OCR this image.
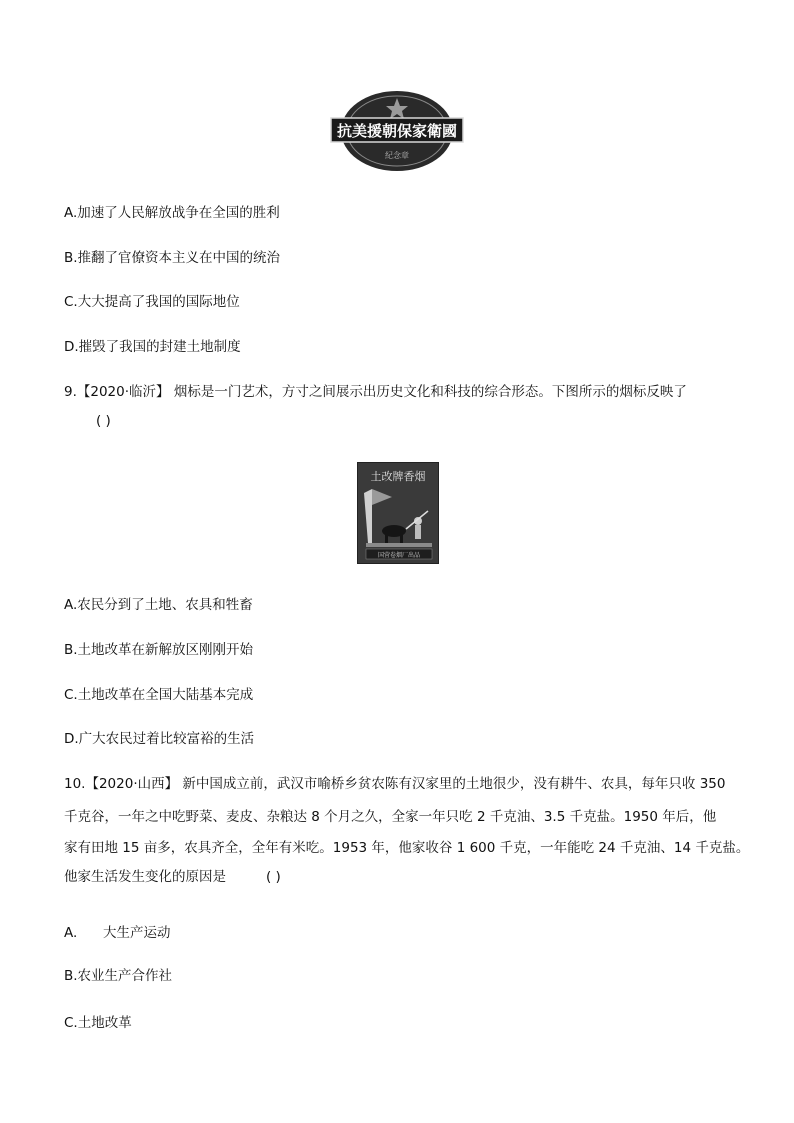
抗美援朝保家衛國
紀念章
A.加速了人民解放战争在全国的胜利
B.推翻了官僚资本主义在中国的统治
C.大大提高了我国的国际地位
D.摧毁了我国的封建土地制度
9.【2020·临沂】 烟标是一门艺术，方寸之间展示出历史文化和科技的综合形态。下图所示的烟标反映了
( )
土改牌香烟
国营卷烟厂出品
A.农民分到了土地、农具和牲畜
B.土地改革在新解放区刚刚开始
C.土地改革在全国大陆基本完成
D.广大农民过着比较富裕的生活
10.【2020·山西】 新中国成立前，武汉市喻桥乡贫农陈有汉家里的土地很少，没有耕牛、农具，每年只收 350
千克谷，一年之中吃野菜、麦皮、杂粮达 8 个月之久，全家一年只吃 2 千克油、3.5 千克盐。1950 年后，他
家有田地 15 亩多，农具齐全，全年有米吃。1953 年，他家收谷 1 600 千克，一年能吃 24 千克油、14 千克盐。
他家生活发生变化的原因是	( )
A.      大生产运动
B.农业生产合作社
C.土地改革
